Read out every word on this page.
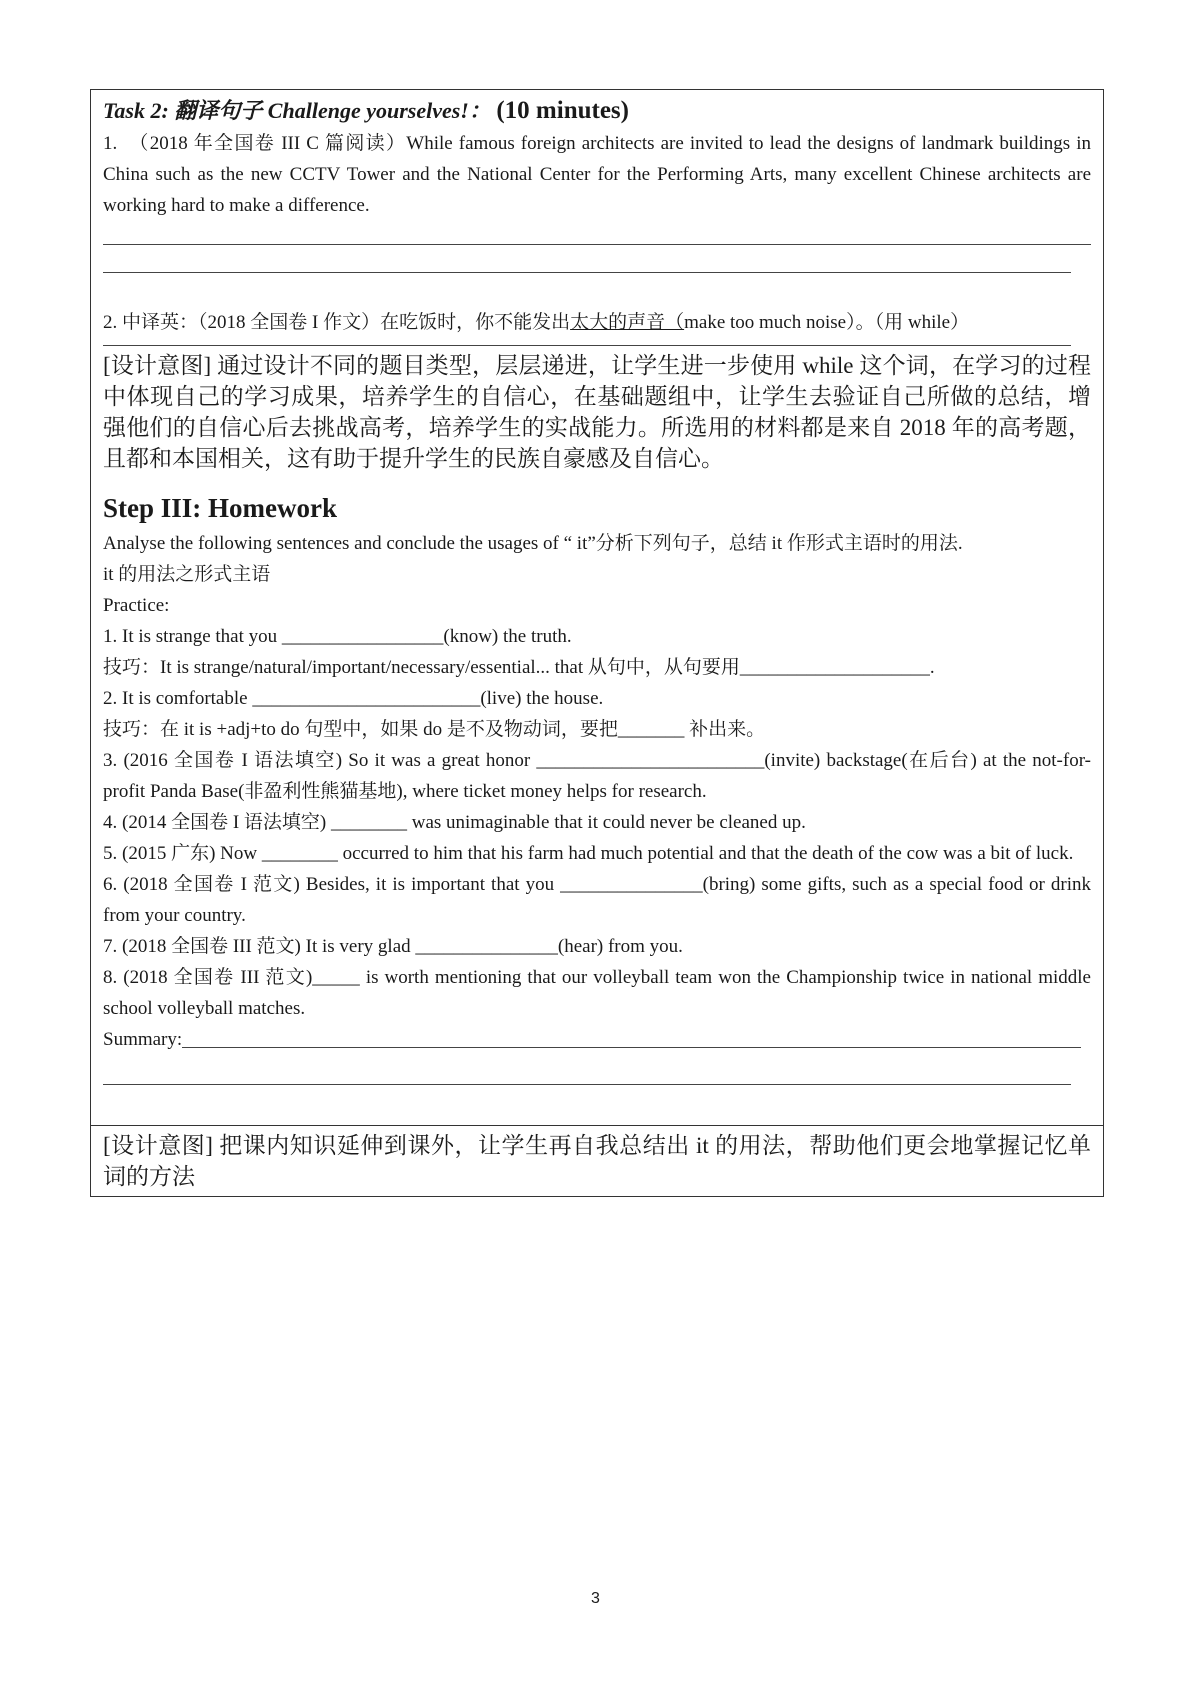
Task 2: 翻译句子 Challenge yourselves!： (10 minutes)

1.　（2018 年全国卷 III C 篇阅读）While famous foreign architects are invited to lead the designs of landmark buildings in China such as the new CCTV Tower and the National Center for the Performing Arts, many excellent Chinese architects are working hard to make a difference.

2. 中译英：（2018 全国卷 I 作文）在吃饭时，你不能发出太大的声音（make too much noise）。（用 while）

[设计意图] 通过设计不同的题目类型，层层递进，让学生进一步使用 while 这个词，在学习的过程中体现自己的学习成果，培养学生的自信心，在基础题组中，让学生去验证自己所做的总结，增强他们的自信心后去挑战高考，培养学生的实战能力。所选用的材料都是来自 2018 年的高考题，且都和本国相关，这有助于提升学生的民族自豪感及自信心。

Step III: Homework

Analyse the following sentences and conclude the usages of “ it”分析下列句子，总结 it 作形式主语时的用法.

it 的用法之形式主语

Practice:

1. It is strange that you _________________(know) the truth.

技巧：It is strange/natural/important/necessary/essential... that 从句中，从句要用____________________.

2. It is comfortable ________________________(live) the house.

技巧：在 it is +adj+to do 句型中，如果 do 是不及物动词，要把_______ 补出来。

3. (2016 全国卷 I 语法填空) So it was a great honor ________________________(invite) backstage(在后台) at the not-for-profit Panda Base(非盈利性熊猫基地), where ticket money helps for research.

4. (2014 全国卷 I 语法填空) ________ was unimaginable that it could never be cleaned up.

5. (2015 广东) Now ________ occurred to him that his farm had much potential and that the death of the cow was a bit of luck.

6. (2018 全国卷 I 范文) Besides, it is important that you _______________(bring) some gifts, such as a special food or drink from your country.

7. (2018 全国卷 III 范文) It is very glad _______________(hear) from you.

8. (2018 全国卷 III 范文)_____ is worth mentioning that our volleyball team won the Championship twice in national middle school volleyball matches.

Summary:

[设计意图] 把课内知识延伸到课外，让学生再自我总结出 it 的用法，帮助他们更会地掌握记忆单词的方法

3
